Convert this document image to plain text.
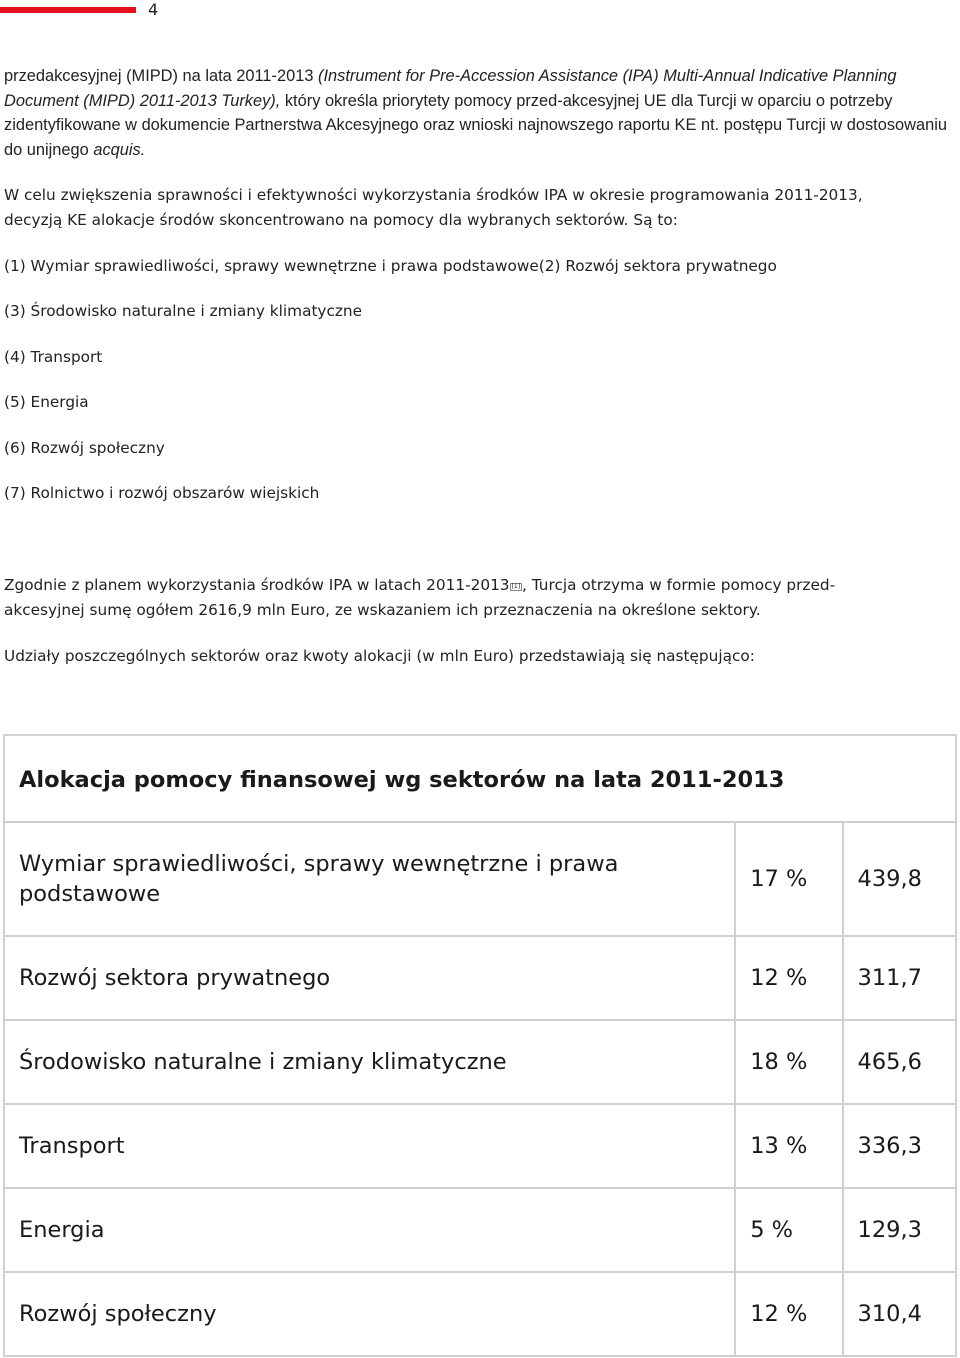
4

przedakcesyjnej (MIPD) na lata 2011-2013 (Instrument for Pre-Accession Assistance (IPA) Multi-Annual Indicative Planning Document (MIPD) 2011-2013 Turkey), który określa priorytety pomocy przed-akcesyjnej UE dla Turcji w oparciu o potrzeby zidentyfikowane w dokumencie Partnerstwa Akcesyjnego oraz wnioski najnowszego raportu KE nt. postępu Turcji w dostosowaniu do unijnego acquis.

W celu zwiększenia sprawności i efektywności wykorzystania środków IPA w okresie programowania 2011-2013,

decyzją KE alokacje środów skoncentrowano na pomocy dla wybranych sektorów. Są to:

(1) Wymiar sprawiedliwości, sprawy wewnętrzne i prawa podstawowe(2) Rozwój sektora prywatnego

(3) Środowisko naturalne i zmiany klimatyczne

(4) Transport

(5) Energia

(6) Rozwój społeczny

(7) Rolnictwo i rozwój obszarów wiejskich

Zgodnie z planem wykorzystania środków IPA w latach 2011-2013 [1] , Turcja otrzyma w formie pomocy przed-

akcesyjnej sumę ogółem 2616,9 mln Euro, ze wskazaniem ich przeznaczenia na określone sektory.

Udziały poszczególnych sektorów oraz kwoty alokacji (w mln Euro) przedstawiają się następująco:

Alokacja pomocy finansowej wg sektorów na lata 2011-2013		
Wymiar sprawiedliwości, sprawy wewnętrzne i prawa podstawowe	17 %	439,8
Rozwój sektora prywatnego	12 %	311,7
Środowisko naturalne i zmiany klimatyczne	18 %	465,6
Transport	13 %	336,3
Energia	5 %	129,3
Rozwój społeczny	12 %	310,4
